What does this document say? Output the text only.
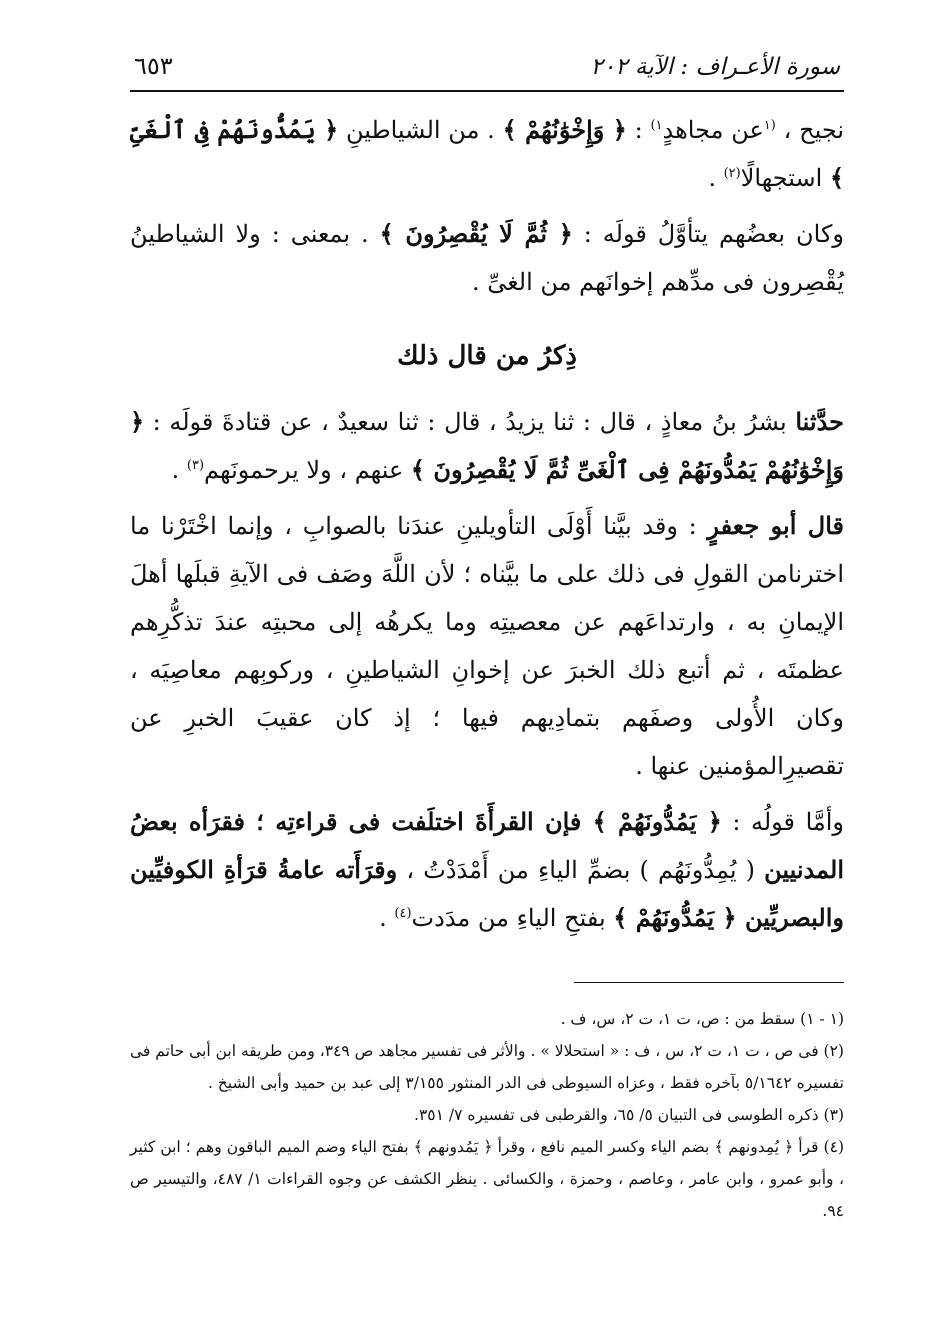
سورة الأعـراف : الآية ٢٠٢
٦٥٣

نجيح ، $^{(١}$عن مجاهدٍ$^{١)}$ : ﴿ وَإِخْوَٰنُهُمْ ﴾ . من الشياطينِ ﴿ يَمُدُّونَهُمْ فِى ٱلْغَىِّ ﴾ استجهالًا$^{(٢)}$ .

وكان بعضُهم يتأوَّلُ قولَه : ﴿ ثُمَّ لَا يُقْصِرُونَ ﴾ . بمعنى : ولا الشياطينُ يُقْصِرون فى مدِّهم إخوانَهم من الغىِّ .

ذِكرُ من قال ذلك

حدَّثنا بشرُ بنُ معاذٍ ، قال : ثنا يزيدُ ، قال : ثنا سعيدٌ ، عن قتادةَ قولَه : ﴿ وَإِخْوَٰنُهُمْ يَمُدُّونَهُمْ فِى ٱلْغَىِّ ثُمَّ لَا يُقْصِرُونَ ﴾ عنهم ، ولا يرحمونَهم$^{(٣)}$ .

قال أبو جعفرٍ : وقد بيَّنا أَوْلَى التأويلينِ عندَنا بالصوابِ ، وإنما اخْتَرْنا ما اخترنامن القولِ فى ذلك على ما بيَّناه ؛ لأن اللَّهَ وصَف فى الآيةِ قبلَها أهلَ الإيمانِ به ، وارتداعَهم عن معصيتِه وما يكرهُه إلى محبتِه عندَ تذكُّرِهم عظمتَه ، ثم أتبع ذلك الخبرَ عن إخوانِ الشياطينِ ، وركوبِهم معاصِيَه ، وكان الأُولى وصفَهم بتمادِيهم فيها ؛ إذ كان عقيبَ الخبرِ عن تقصيرِالمؤمنين عنها .

وأمَّا قولُه : ﴿ يَمُدُّونَهُمْ ﴾ فإن القرأَةَ اختلَفت فى قراءتِه ؛ فقرَأه بعضُ المدنيين ( يُمِدُّونَهُم ) بضمِّ الياءِ من أَمْدَدْتُ ، وقرَأَته عامةُ قرَأةِ الكوفيِّين والبصريِّين ﴿ يَمُدُّونَهُمْ ﴾ بفتحِ الياءِ من مدَدت$^{(٤)}$ .

(١ - ١) سقط من : ص، ت ١، ت ٢، س، ف .

(٢) فى ص ، ت ١، ت ٢، س ، ف : « استحلالا » . والأثر فى تفسير مجاهد ص ٣٤٩، ومن طريقه ابن أبى حاتم فى تفسيره ٥/١٦٤٢ بآخره فقط ، وعزاه السيوطى فى الدر المنثور ٣/١٥٥ إلى عبد بن حميد وأبى الشيخ .

(٣) ذكره الطوسى فى التبيان ٥/ ٦٥، والقرطبى فى تفسيره ٧/ ٣٥١.

(٤) قرأ ﴿ يُمِدونهم ﴾ بضم الياء وكسر الميم نافع ، وقرأ ﴿ يَمُدونهم ﴾ بفتح الياء وضم الميم الباقون وهم ؛ ابن كثير ، وأبو عمرو ، وابن عامر ، وعاصم ، وحمزة ، والكسائى . ينظر الكشف عن وجوه القراءات ١/ ٤٨٧، والتيسير ص ٩٤.
